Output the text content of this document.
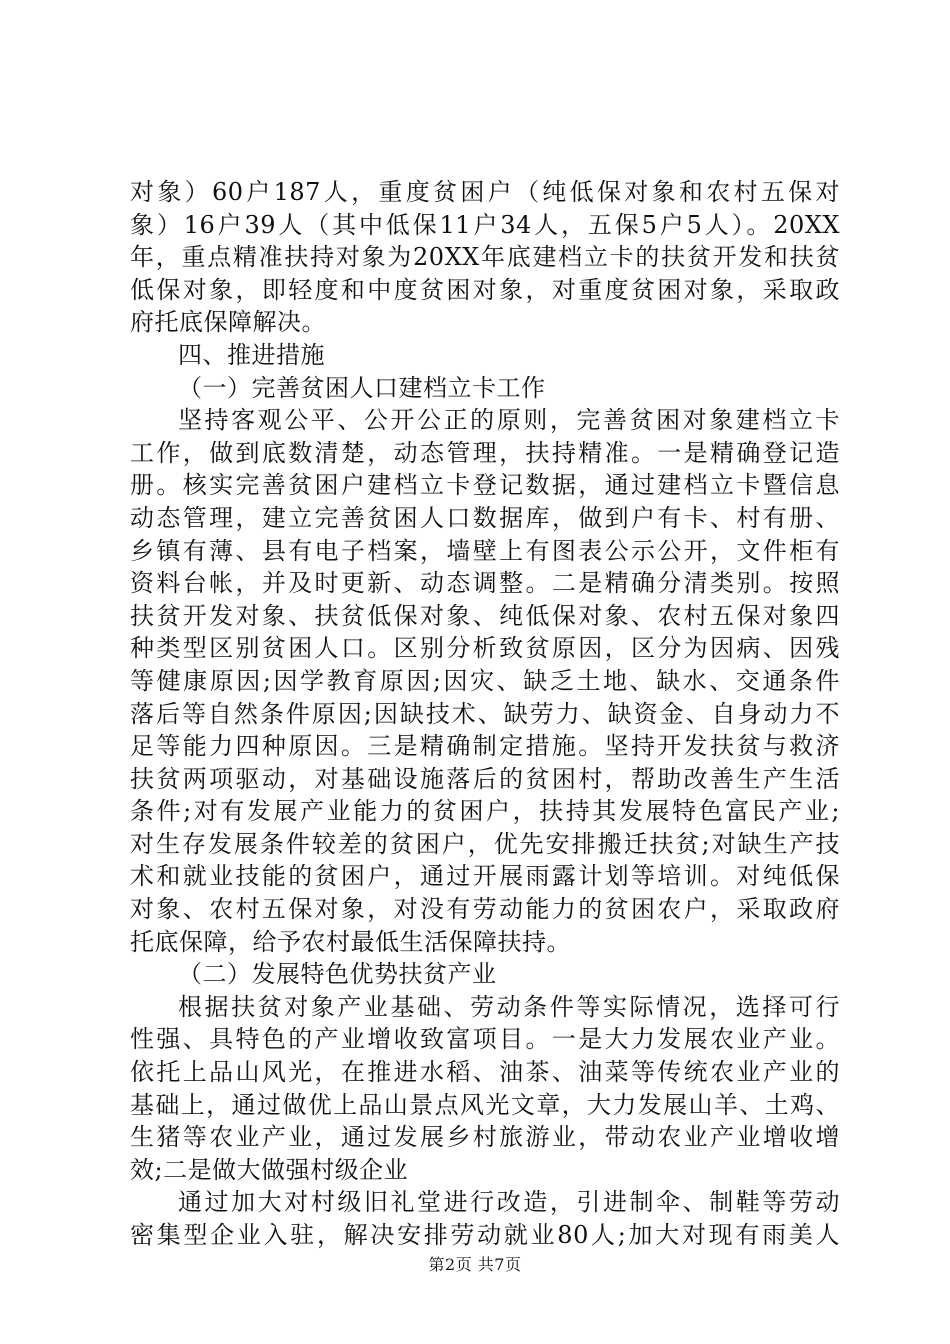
对象）60户187人，重度贫困户（纯低保对象和农村五保对
象）16户39人（其中低保11户34人，五保5户5人）。20XX
年，重点精准扶持对象为20XX年底建档立卡的扶贫开发和扶贫
低保对象，即轻度和中度贫困对象，对重度贫困对象，采取政
府托底保障解决。
四、推进措施
（一）完善贫困人口建档立卡工作
坚持客观公平、公开公正的原则，完善贫困对象建档立卡
工作，做到底数清楚，动态管理，扶持精准。一是精确登记造
册。核实完善贫困户建档立卡登记数据，通过建档立卡暨信息
动态管理，建立完善贫困人口数据库，做到户有卡、村有册、
乡镇有薄、县有电子档案，墙壁上有图表公示公开，文件柜有
资料台帐，并及时更新、动态调整。二是精确分清类别。按照
扶贫开发对象、扶贫低保对象、纯低保对象、农村五保对象四
种类型区别贫困人口。区别分析致贫原因，区分为因病、因残
等健康原因;因学教育原因;因灾、缺乏土地、缺水、交通条件
落后等自然条件原因;因缺技术、缺劳力、缺资金、自身动力不
足等能力四种原因。三是精确制定措施。坚持开发扶贫与救济
扶贫两项驱动，对基础设施落后的贫困村，帮助改善生产生活
条件;对有发展产业能力的贫困户，扶持其发展特色富民产业;
对生存发展条件较差的贫困户，优先安排搬迁扶贫;对缺生产技
术和就业技能的贫困户，通过开展雨露计划等培训。对纯低保
对象、农村五保对象，对没有劳动能力的贫困农户，采取政府
托底保障，给予农村最低生活保障扶持。
（二）发展特色优势扶贫产业
根据扶贫对象产业基础、劳动条件等实际情况，选择可行
性强、具特色的产业增收致富项目。一是大力发展农业产业。
依托上品山风光，在推进水稻、油茶、油菜等传统农业产业的
基础上，通过做优上品山景点风光文章，大力发展山羊、土鸡、
生猪等农业产业，通过发展乡村旅游业，带动农业产业增收增
效;二是做大做强村级企业
通过加大对村级旧礼堂进行改造，引进制伞、制鞋等劳动
密集型企业入驻，解决安排劳动就业80人;加大对现有雨美人
第2页 共7页
